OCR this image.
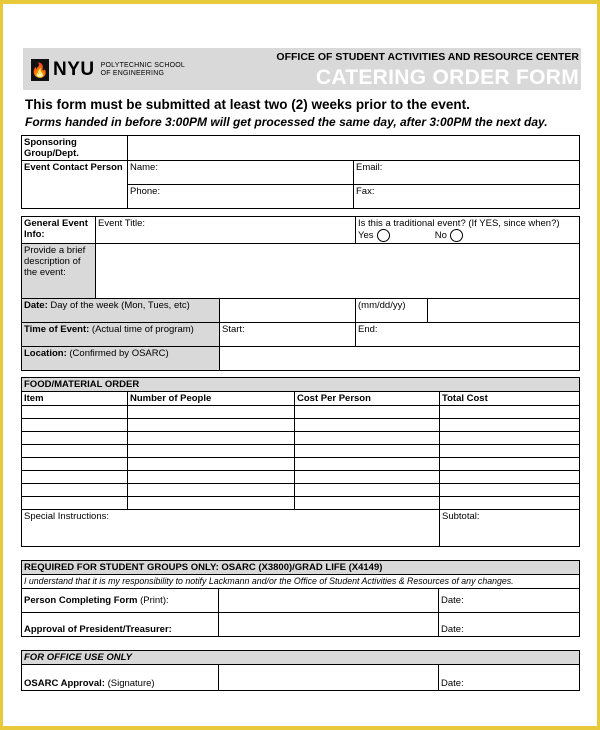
🔥 NYU POLYTECHNIC SCHOOL
OF ENGINEERING
OFFICE OF STUDENT ACTIVITIES AND RESOURCE CENTER
CATERING ORDER FORM
This form must be submitted at least two (2) weeks prior to the event.
Forms handed in before 3:00PM will get processed the same day, after 3:00PM the next day.
Sponsoring Group/Dept.		
Event Contact Person	Name:	Email:
	Phone:	Fax:
General Event Info:	Event Title:		Is this a traditional event? (If YES, since when?)
Yes No	
Provide a brief description of the event:				
Date: Day of the week (Mon, Tues, etc)			(mm/dd/yy)	
Time of Event: (Actual time of program)		Start:	End:	
Location: (Confirmed by OSARC)				
FOOD/MATERIAL ORDER			
Item	Number of People	Cost Per Person	Total Cost

Special Instructions:			Subtotal:
REQUIRED FOR STUDENT GROUPS ONLY: OSARC (X3800)/GRAD LIFE (X4149)		
I understand that it is my responsibility to notify Lackmann and/or the Office of Student Activities & Resources of any changes.		
Person Completing Form (Print):		Date:
Approval of President/Treasurer:		Date:
FOR OFFICE USE ONLY
OSARC Approval: (Signature)		Date:
